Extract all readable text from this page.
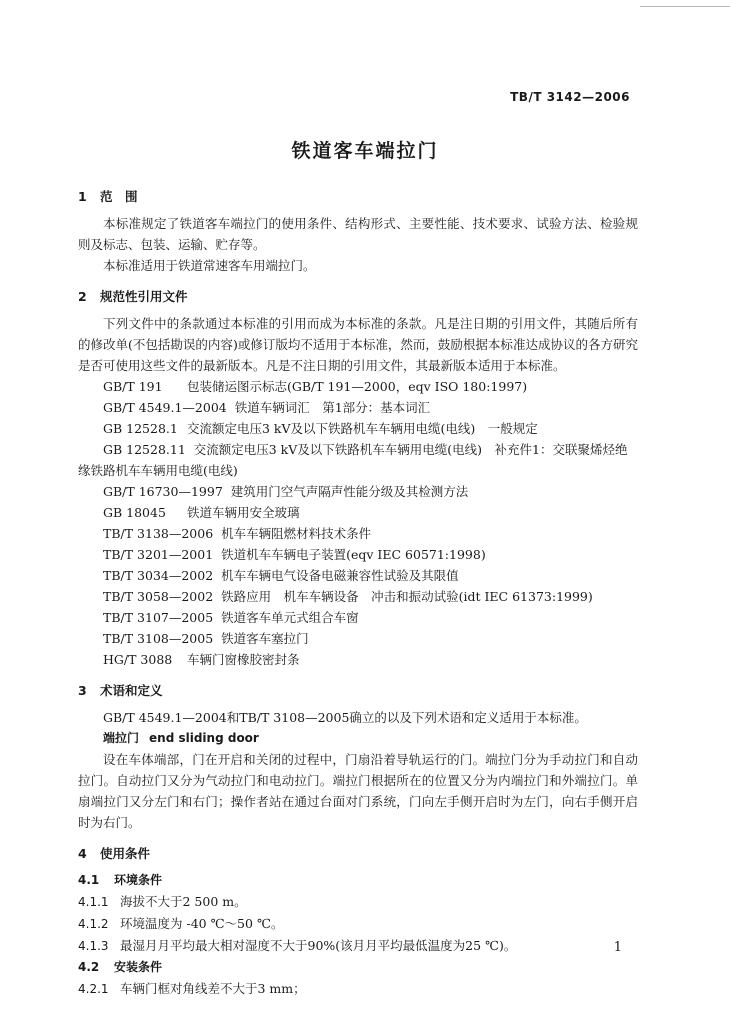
TB/T 3142—2006
铁道客车端拉门
1 范　围

本标准规定了铁道客车端拉门的使用条件、结构形式、主要性能、技术要求、试验方法、检验规则及标志、包装、运输、贮存等。

本标准适用于铁道常速客车用端拉门。

2 规范性引用文件

下列文件中的条款通过本标准的引用而成为本标准的条款。凡是注日期的引用文件，其随后所有的修改单(不包括勘误的内容)或修订版均不适用于本标准，然而，鼓励根据本标准达成协议的各方研究是否可使用这些文件的最新版本。凡是不注日期的引用文件，其最新版本适用于本标准。

GB/T 191 包装储运图示标志(GB/T 191—2000，eqv ISO 180:1997)

GB/T 4549.1—2004 铁道车辆词汇　第1部分：基本词汇

GB 12528.1 交流额定电压3 kV及以下铁路机车车辆用电缆(电线)　一般规定

GB 12528.11 交流额定电压3 kV及以下铁路机车车辆用电缆(电线)　补充件1：交联聚烯烃绝
缘铁路机车车辆用电缆(电线)

GB/T 16730—1997 建筑用门空气声隔声性能分级及其检测方法

GB 18045 铁道车辆用安全玻璃

TB/T 3138—2006 机车车辆阻燃材料技术条件

TB/T 3201—2001 铁道机车车辆电子装置(eqv IEC 60571:1998)

TB/T 3034—2002 机车车辆电气设备电磁兼容性试验及其限值

TB/T 3058—2002 铁路应用　机车车辆设备　冲击和振动试验(idt IEC 61373:1999)

TB/T 3107—2005 铁道客车单元式组合车窗

TB/T 3108—2005 铁道客车塞拉门

HG/T 3088 车辆门窗橡胶密封条

3 术语和定义

GB/T 4549.1—2004和TB/T 3108—2005确立的以及下列术语和定义适用于本标准。

端拉门 end sliding door

设在车体端部，门在开启和关闭的过程中，门扇沿着导轨运行的门。端拉门分为手动拉门和自动拉门。自动拉门又分为气动拉门和电动拉门。端拉门根据所在的位置又分为内端拉门和外端拉门。单扇端拉门又分左门和右门；操作者站在通过台面对门系统，门向左手侧开启时为左门，向右手侧开启时为右门。

4 使用条件
4.1 环境条件

4.1.1 海拔不大于2 500 m。

4.1.2 环境温度为 -40 ℃～50 ℃。

4.1.3 最湿月月平均最大相对湿度不大于90%(该月月平均最低温度为25 ℃)。

4.2 安装条件

4.2.1 车辆门框对角线差不大于3 mm；

1
